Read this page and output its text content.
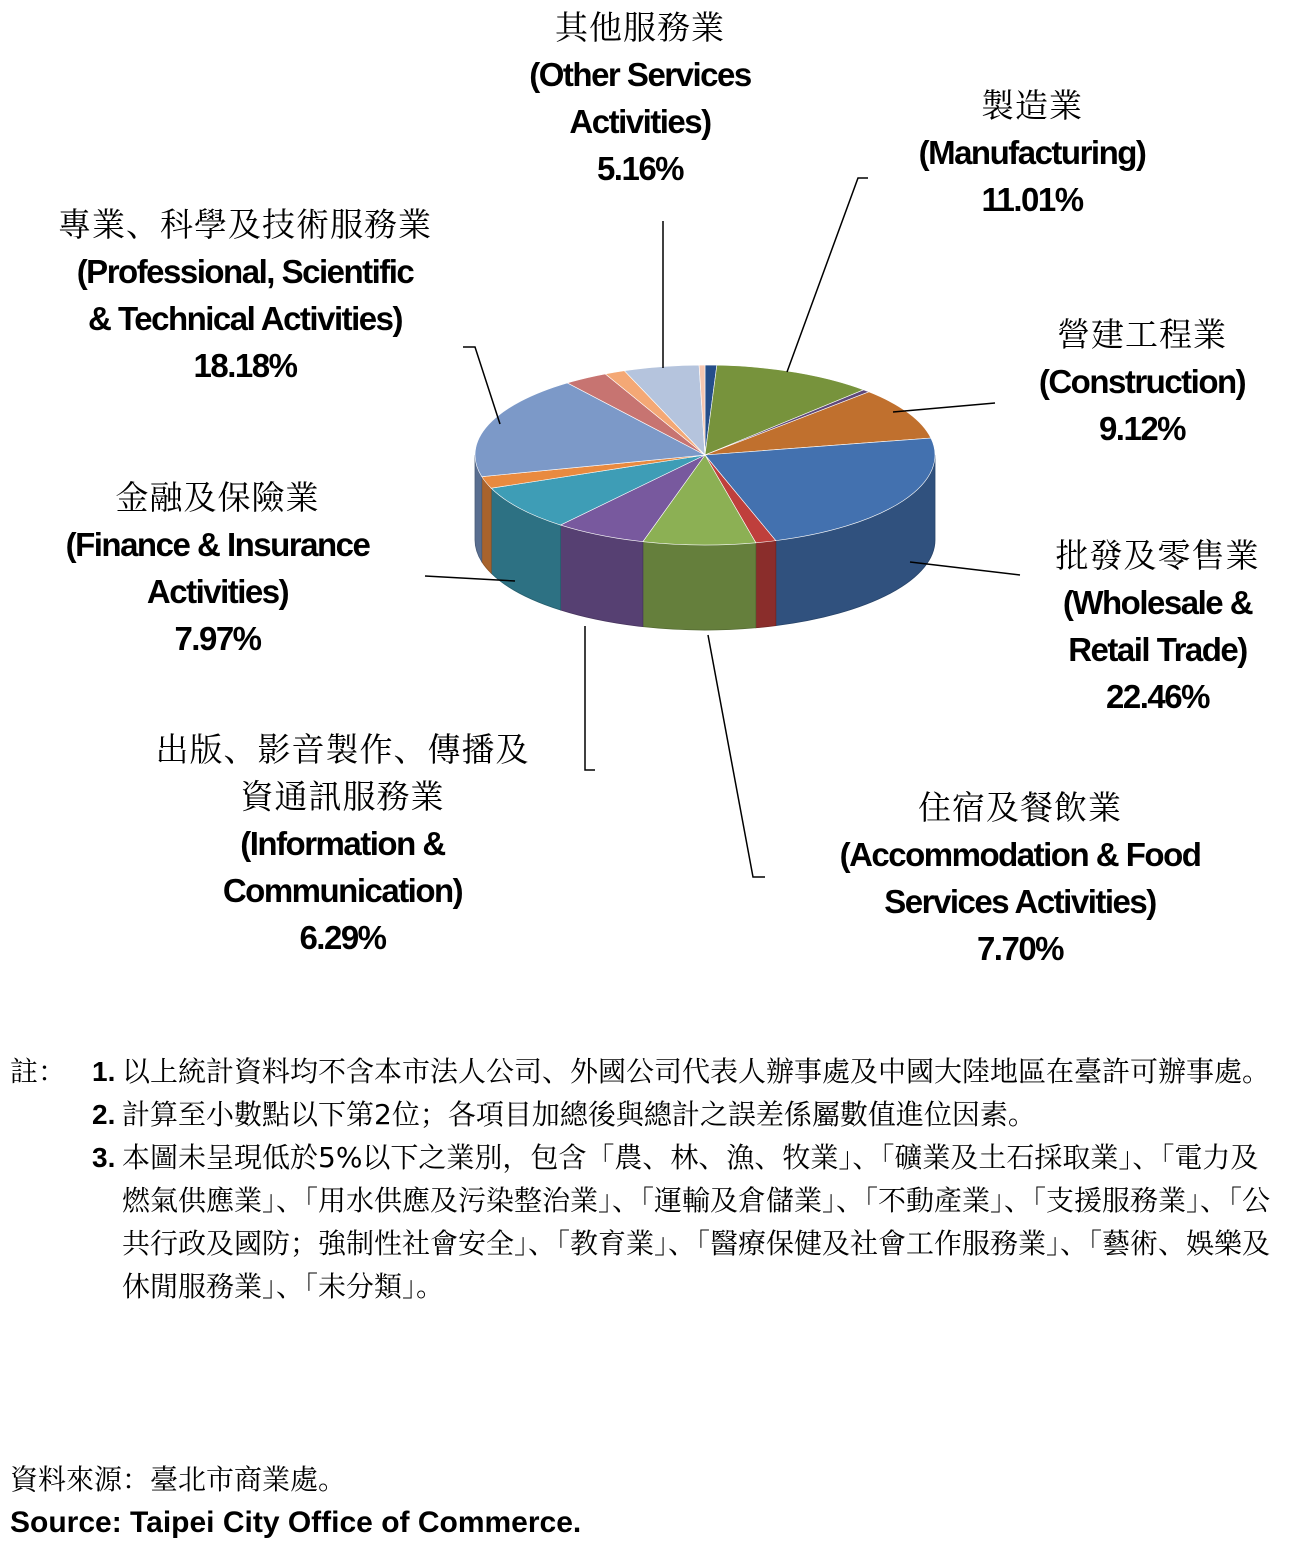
其他服務業
(Other Services
Activities)
5.16%
製造業
(Manufacturing)
11.01%
營建工程業
(Construction)
9.12%
批發及零售業
(Wholesale &
Retail Trade)
22.46%
住宿及餐飲業
(Accommodation & Food
Services Activities)
7.70%
出版、影音製作、傳播及
資通訊服務業
(Information &
Communication)
6.29%
金融及保險業
(Finance & Insurance
Activities)
7.97%
專業、科學及技術服務業
(Professional, Scientific
& Technical Activities)
18.18%
註： 1. 以上統計資料均不含本市法人公司、外國公司代表人辦事處及中國大陸地區在臺許可辦事處。
2. 計算至小數點以下第2位；各項目加總後與總計之誤差係屬數值進位因素。
3. 本圖未呈現低於5%以下之業別，包含「農、林、漁、牧業」、「礦業及土石採取業」、「電力及燃氣供應業」、「用水供應及污染整治業」、「運輸及倉儲業」、「不動產業」、「支援服務業」、「公共行政及國防；強制性社會安全」、「教育業」、「醫療保健及社會工作服務業」、「藝術、娛樂及休閒服務業」、「未分類」。
資料來源：臺北市商業處。
Source: Taipei City Office of Commerce.
